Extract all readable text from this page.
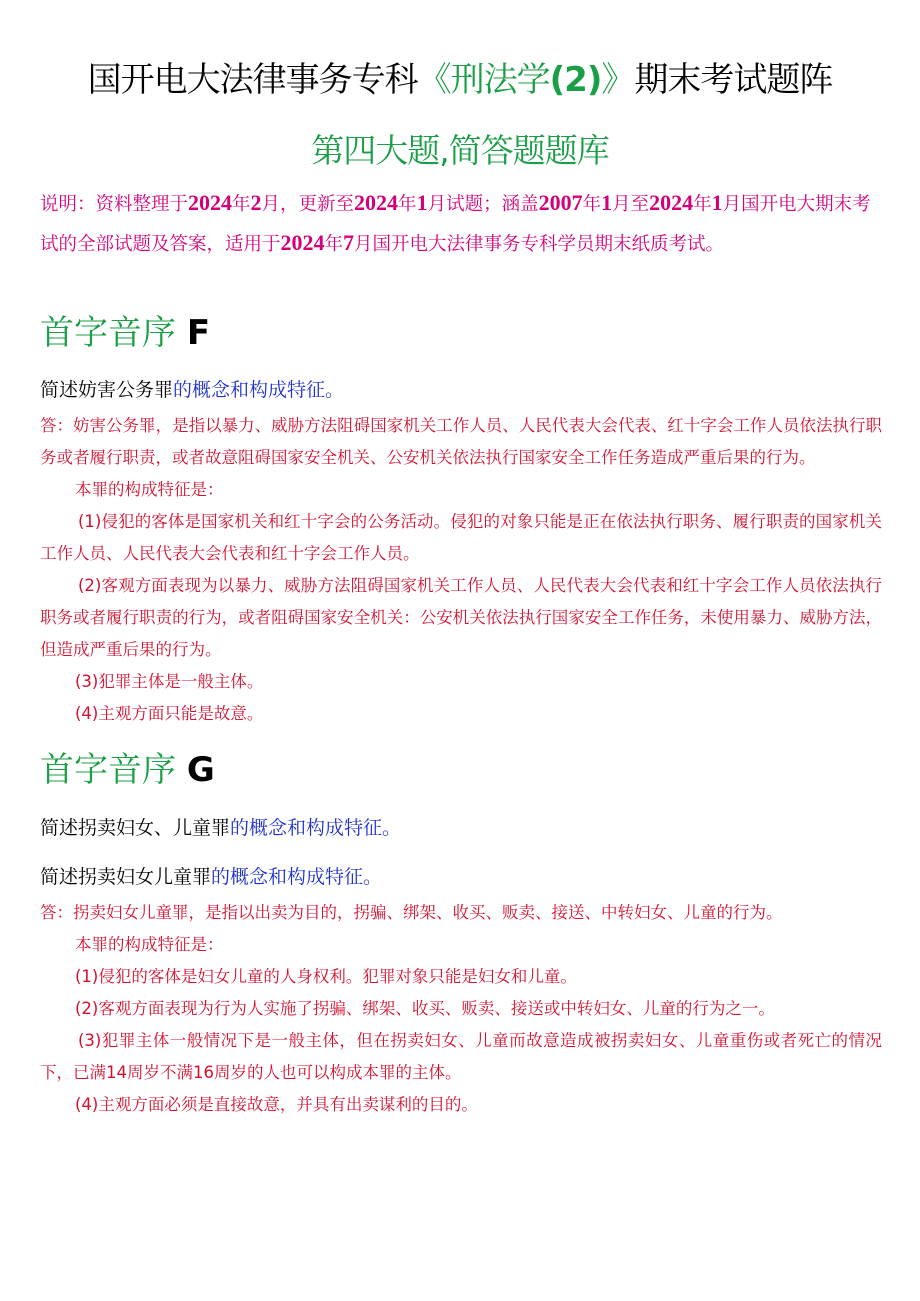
国开电大法律事务专科《刑法学(2)》期末考试题阵
第四大题,简答题题库
说明：资料整理于2024年2月，更新至2024年1月试题；涵盖2007年1月至2024年1月国开电大期末考试的全部试题及答案，适用于2024年7月国开电大法律事务专科学员期末纸质考试。
首字音序 F
简述妨害公务罪的概念和构成特征。

答：妨害公务罪，是指以暴力、威胁方法阻碍国家机关工作人员、人民代表大会代表、红十字会工作人员依法执行职务或者履行职责，或者故意阻碍国家安全机关、公安机关依法执行国家安全工作任务造成严重后果的行为。

本罪的构成特征是：

(1)侵犯的客体是国家机关和红十字会的公务活动。侵犯的对象只能是正在依法执行职务、履行职责的国家机关工作人员、人民代表大会代表和红十字会工作人员。

(2)客观方面表现为以暴力、威胁方法阻碍国家机关工作人员、人民代表大会代表和红十字会工作人员依法执行职务或者履行职责的行为，或者阻碍国家安全机关：公安机关依法执行国家安全工作任务，未使用暴力、威胁方法，但造成严重后果的行为。

(3)犯罪主体是一般主体。

(4)主观方面只能是故意。

首字音序 G
简述拐卖妇女、儿童罪的概念和构成特征。
简述拐卖妇女儿童罪的概念和构成特征。

答：拐卖妇女儿童罪，是指以出卖为目的，拐骗、绑架、收买、贩卖、接送、中转妇女、儿童的行为。

本罪的构成特征是：

(1)侵犯的客体是妇女儿童的人身权利。犯罪对象只能是妇女和儿童。

(2)客观方面表现为行为人实施了拐骗、绑架、收买、贩卖、接送或中转妇女、儿童的行为之一。

(3)犯罪主体一般情况下是一般主体，但在拐卖妇女、儿童而故意造成被拐卖妇女、儿童重伤或者死亡的情况下，已满14周岁不满16周岁的人也可以构成本罪的主体。

(4)主观方面必须是直接故意，并具有出卖谋利的目的。
